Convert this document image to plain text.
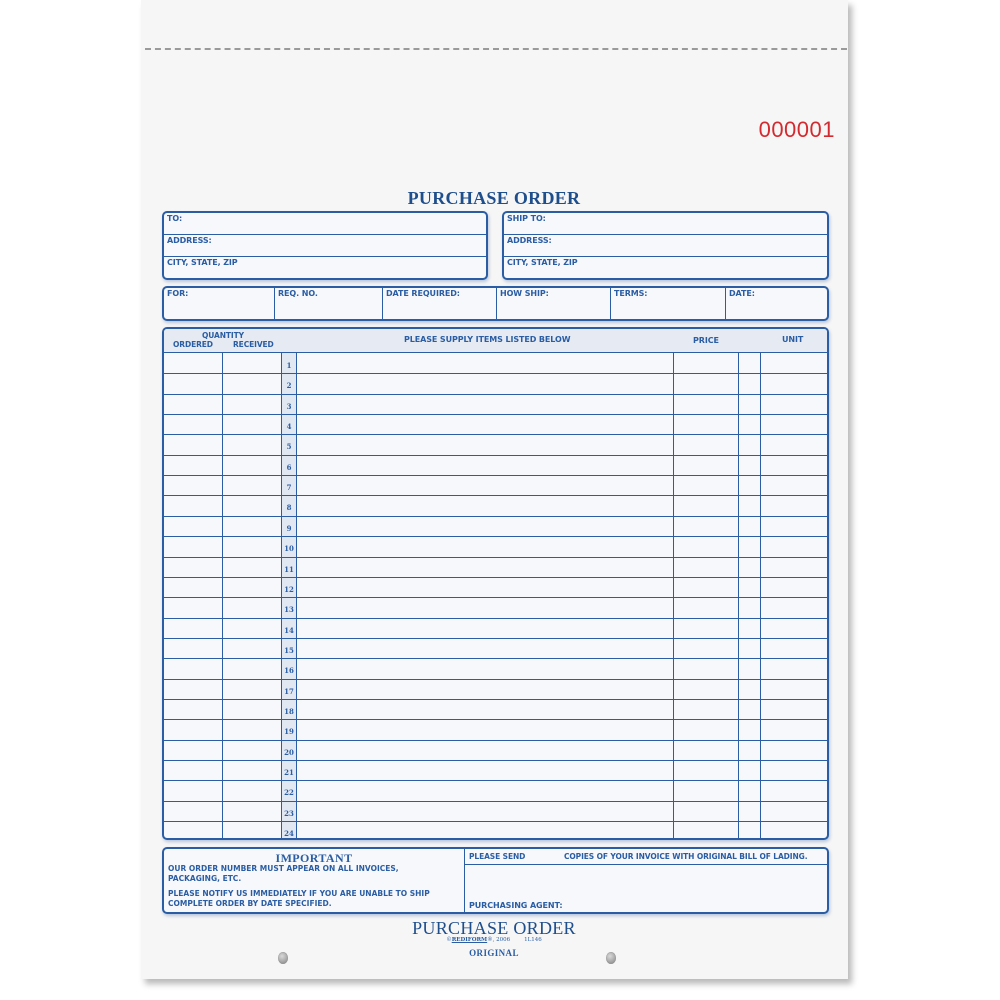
000001
PURCHASE ORDER
TO:
ADDRESS:
CITY, STATE, ZIP
SHIP TO:
ADDRESS:
CITY, STATE, ZIP
FOR:	REQ. NO.	DATE REQUIRED:	HOW SHIP:	TERMS:	DATE:
QUANTITY
ORDERED	RECEIVED
PLEASE SUPPLY ITEMS LISTED BELOW	PRICE	UNIT
1
2
3
4
5
6
7
8
9
10
11
12
13
14
15
16
17
18
19
20
21
22
23
24
IMPORTANT
OUR ORDER NUMBER MUST APPEAR ON ALL INVOICES,
PACKAGING, ETC.
PLEASE NOTIFY US IMMEDIATELY IF YOU ARE UNABLE TO SHIP
COMPLETE ORDER BY DATE SPECIFIED.
PLEASE SEND	COPIES OF YOUR INVOICE WITH ORIGINAL BILL OF LADING.
PURCHASING AGENT:
PURCHASE ORDER
©REDIFORM®, 2006	1L146
ORIGINAL
